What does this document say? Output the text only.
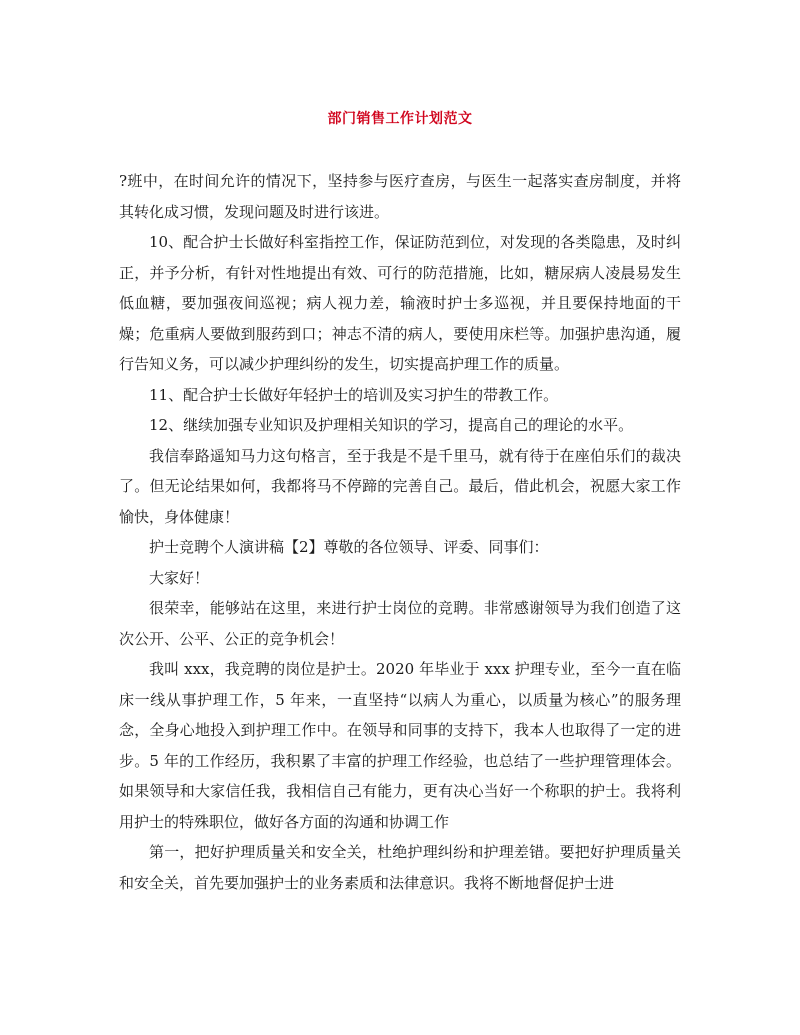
部门销售工作计划范文

?班中，在时间允许的情况下，坚持参与医疗查房，与医生一起落实查房制度，并将其转化成习惯，发现问题及时进行该进。

10、配合护士长做好科室指控工作，保证防范到位，对发现的各类隐患，及时纠正，并予分析，有针对性地提出有效、可行的防范措施，比如，糖尿病人凌晨易发生低血糖，要加强夜间巡视；病人视力差，输液时护士多巡视，并且要保持地面的干燥；危重病人要做到服药到口；神志不清的病人，要使用床栏等。加强护患沟通，履行告知义务，可以减少护理纠纷的发生，切实提高护理工作的质量。

11、配合护士长做好年轻护士的培训及实习护生的带教工作。

12、继续加强专业知识及护理相关知识的学习，提高自己的理论的水平。

我信奉路遥知马力这句格言，至于我是不是千里马，就有待于在座伯乐们的裁决了。但无论结果如何，我都将马不停蹄的完善自己。最后，借此机会，祝愿大家工作愉快，身体健康！

护士竞聘个人演讲稿【2】尊敬的各位领导、评委、同事们：

大家好！

很荣幸，能够站在这里，来进行护士岗位的竞聘。非常感谢领导为我们创造了这次公开、公平、公正的竞争机会！

我叫 xxx，我竞聘的岗位是护士。2020 年毕业于 xxx 护理专业，至今一直在临床一线从事护理工作，5 年来，一直坚持“以病人为重心，以质量为核心”的服务理念，全身心地投入到护理工作中。在领导和同事的支持下，我本人也取得了一定的进步。5 年的工作经历，我积累了丰富的护理工作经验，也总结了一些护理管理体会。如果领导和大家信任我，我相信自己有能力，更有决心当好一个称职的护士。我将利用护士的特殊职位，做好各方面的沟通和协调工作

第一，把好护理质量关和安全关，杜绝护理纠纷和护理差错。要把好护理质量关和安全关，首先要加强护士的业务素质和法律意识。我将不断地督促护士进
